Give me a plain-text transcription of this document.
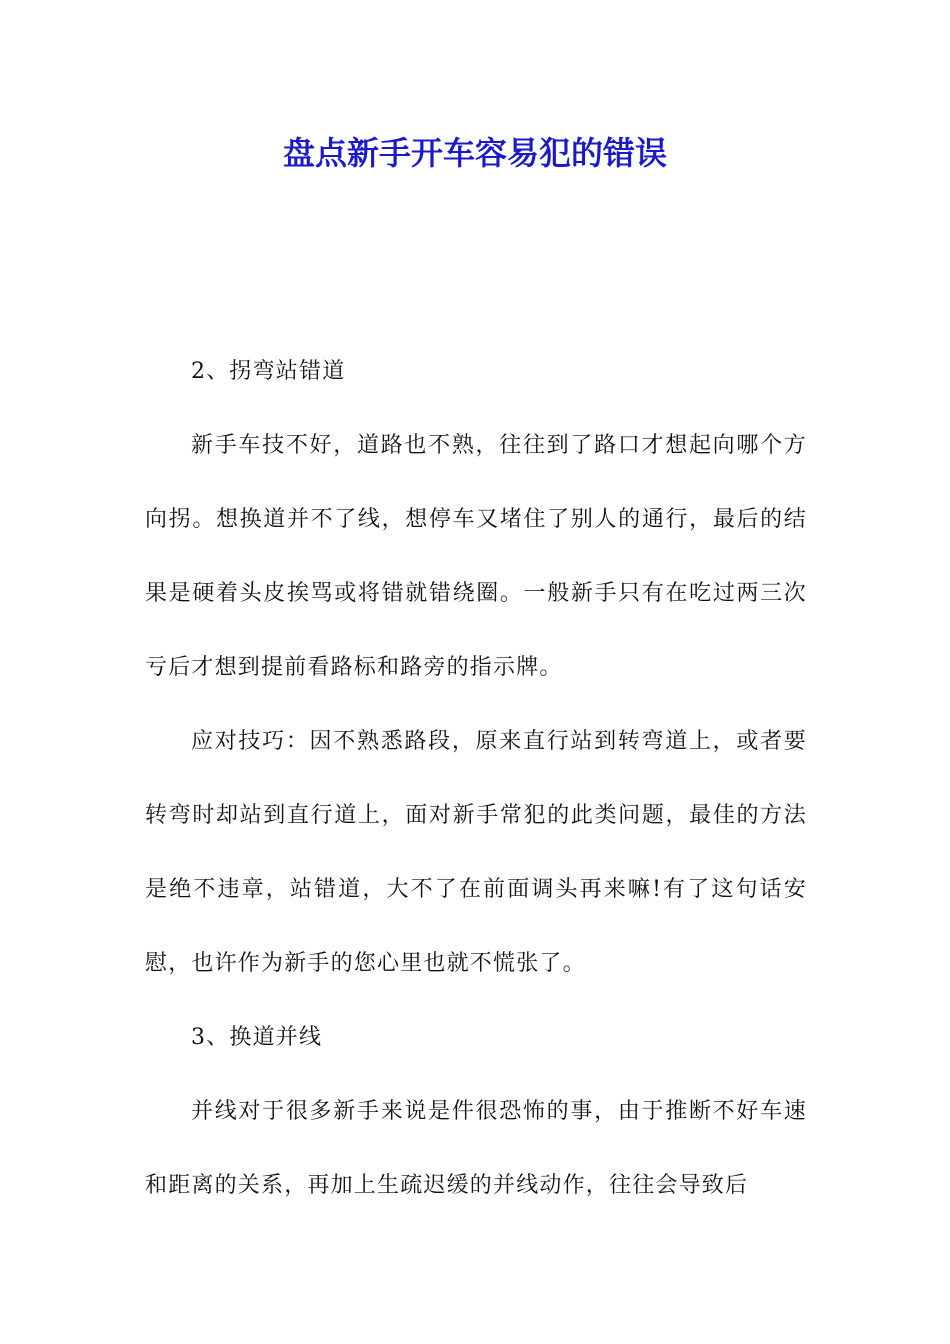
盘点新手开车容易犯的错误

2、拐弯站错道

新手车技不好，道路也不熟，往往到了路口才想起向哪个方向拐。想换道并不了线，想停车又堵住了别人的通行，最后的结果是硬着头皮挨骂或将错就错绕圈。一般新手只有在吃过两三次亏后才想到提前看路标和路旁的指示牌。

应对技巧：因不熟悉路段，原来直行站到转弯道上，或者要转弯时却站到直行道上，面对新手常犯的此类问题，最佳的方法是绝不违章，站错道，大不了在前面调头再来嘛!有了这句话安慰，也许作为新手的您心里也就不慌张了。

3、换道并线

并线对于很多新手来说是件很恐怖的事，由于推断不好车速和距离的关系，再加上生疏迟缓的并线动作，往往会导致后
